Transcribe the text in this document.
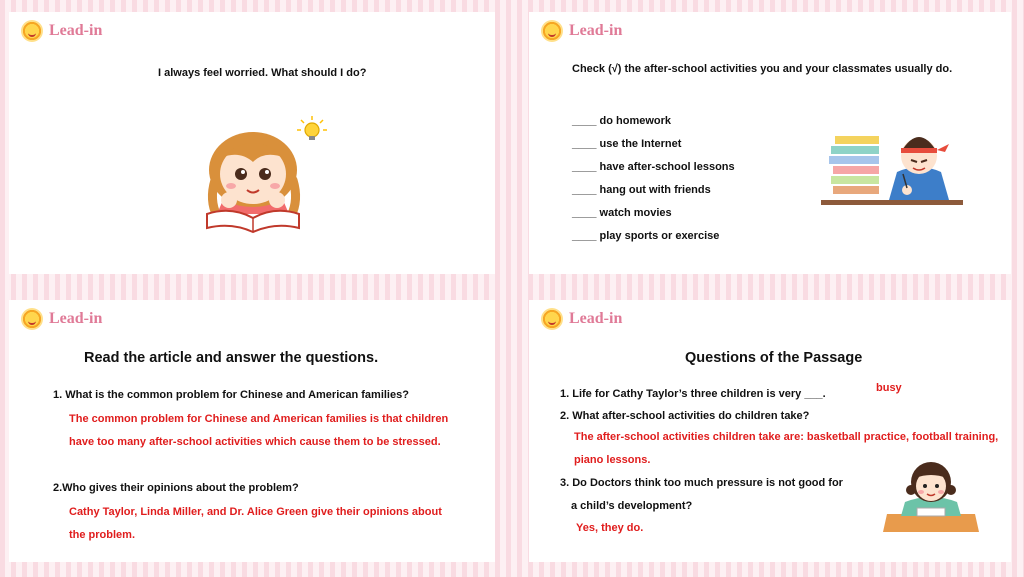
Lead-in
I always feel worried. What should I do?
Lead-in
Check (√) the after-school activities you and your classmates usually do.
____ do homework
____ use the Internet
____ have after-school lessons
____ hang out with friends
____ watch movies
____ play sports or exercise
Lead-in
Read the article and answer the questions.
1. What is the common problem for Chinese and American families?
The common problem for Chinese and American families is that children
have too many after-school activities which cause them to be stressed.
2.Who gives their opinions about the problem?
Cathy Taylor, Linda Miller, and Dr. Alice Green give their opinions about
the problem.
Lead-in
Questions of the Passage
1. Life for Cathy Taylor’s three children is very ___.	busy
2. What after-school activities do children take?
The after-school activities children take are: basketball practice, football training,
piano lessons.
3. Do Doctors think too much pressure is not good for
a child’s development?
Yes, they do.
